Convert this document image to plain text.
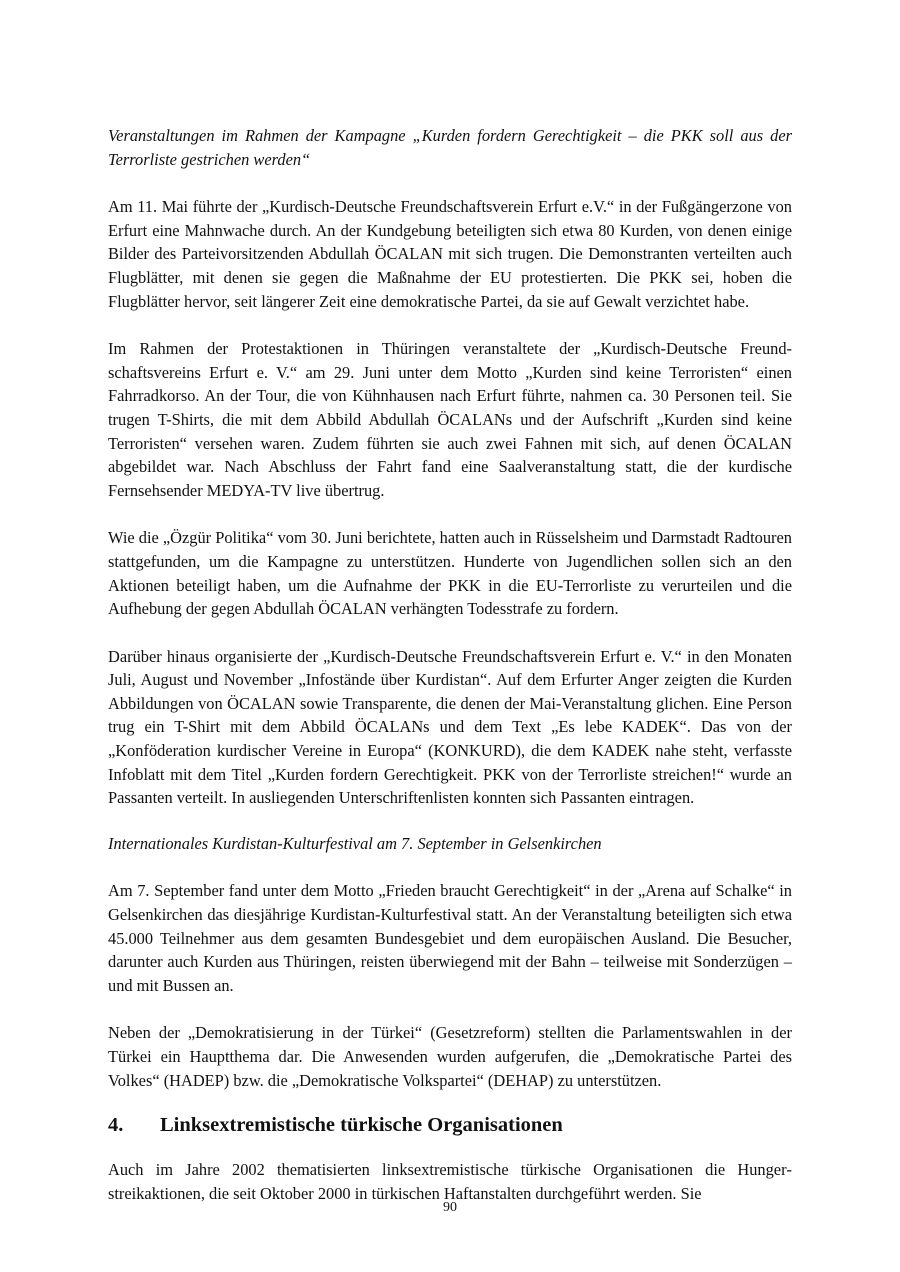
Veranstaltungen im Rahmen der Kampagne „Kurden fordern Gerechtigkeit – die PKK soll aus der Terrorliste gestrichen werden“

Am 11. Mai führte der „Kurdisch-Deutsche Freundschaftsverein Erfurt e.V.“ in der Fußgängerzone von Erfurt eine Mahnwache durch. An der Kundgebung beteiligten sich etwa 80 Kurden, von denen einige Bilder des Parteivorsitzenden Abdullah ÖCALAN mit sich trugen. Die Demonstranten verteilten auch Flugblätter, mit denen sie gegen die Maßnahme der EU protestierten. Die PKK sei, hoben die Flugblätter hervor, seit längerer Zeit eine demokratische Partei, da sie auf Gewalt verzichtet habe.

Im Rahmen der Protestaktionen in Thüringen veranstaltete der „Kurdisch-Deutsche Freundschaftsvereins Erfurt e. V.“ am 29. Juni unter dem Motto „Kurden sind keine Terroristen“ einen Fahrradkorso. An der Tour, die von Kühnhausen nach Erfurt führte, nahmen ca. 30 Personen teil. Sie trugen T-Shirts, die mit dem Abbild Abdullah ÖCALANs und der Aufschrift „Kurden sind keine Terroristen“ versehen waren. Zudem führten sie auch zwei Fahnen mit sich, auf denen ÖCALAN abgebildet war. Nach Abschluss der Fahrt fand eine Saalveranstaltung statt, die der kurdische Fernsehsender MEDYA-TV live übertrug.

Wie die „Özgür Politika“ vom 30. Juni berichtete, hatten auch in Rüsselsheim und Darmstadt Radtouren stattgefunden, um die Kampagne zu unterstützen. Hunderte von Jugendlichen sollen sich an den Aktionen beteiligt haben, um die Aufnahme der PKK in die EU-Terrorliste zu verurteilen und die Aufhebung der gegen Abdullah ÖCALAN verhängten Todesstrafe zu fordern.

Darüber hinaus organisierte der „Kurdisch-Deutsche Freundschaftsverein Erfurt e. V.“ in den Monaten Juli, August und November „Infostände über Kurdistan“. Auf dem Erfurter Anger zeigten die Kurden Abbildungen von ÖCALAN sowie Transparente, die denen der Mai-Veranstaltung glichen. Eine Person trug ein T-Shirt mit dem Abbild ÖCALANs und dem Text „Es lebe KADEK“. Das von der „Konföderation kurdischer Vereine in Europa“ (KONKURD), die dem KADEK nahe steht, verfasste Infoblatt mit dem Titel „Kurden fordern Gerechtigkeit. PKK von der Terrorliste streichen!“ wurde an Passanten verteilt. In ausliegenden Unterschriftenlisten konnten sich Passanten eintragen.

Internationales Kurdistan-Kulturfestival am 7. September in Gelsenkirchen

Am 7. September fand unter dem Motto „Frieden braucht Gerechtigkeit“ in der „Arena auf Schalke“ in Gelsenkirchen das diesjährige Kurdistan-Kulturfestival statt. An der Veranstaltung beteiligten sich etwa 45.000 Teilnehmer aus dem gesamten Bundesgebiet und dem europäischen Ausland. Die Besucher, darunter auch Kurden aus Thüringen, reisten überwiegend mit der Bahn – teilweise mit Sonderzügen – und mit Bussen an.

Neben der „Demokratisierung in der Türkei“ (Gesetzreform) stellten die Parlamentswahlen in der Türkei ein Hauptthema dar. Die Anwesenden wurden aufgerufen, die „Demokratische Partei des Volkes“ (HADEP) bzw. die „Demokratische Volkspartei“ (DEHAP) zu unterstützen.

4.	Linksextremistische türkische Organisationen

Auch im Jahre 2002 thematisierten linksextremistische türkische Organisationen die Hungerstreikaktionen, die seit Oktober 2000 in türkischen Haftanstalten durchgeführt werden. Sie

90
